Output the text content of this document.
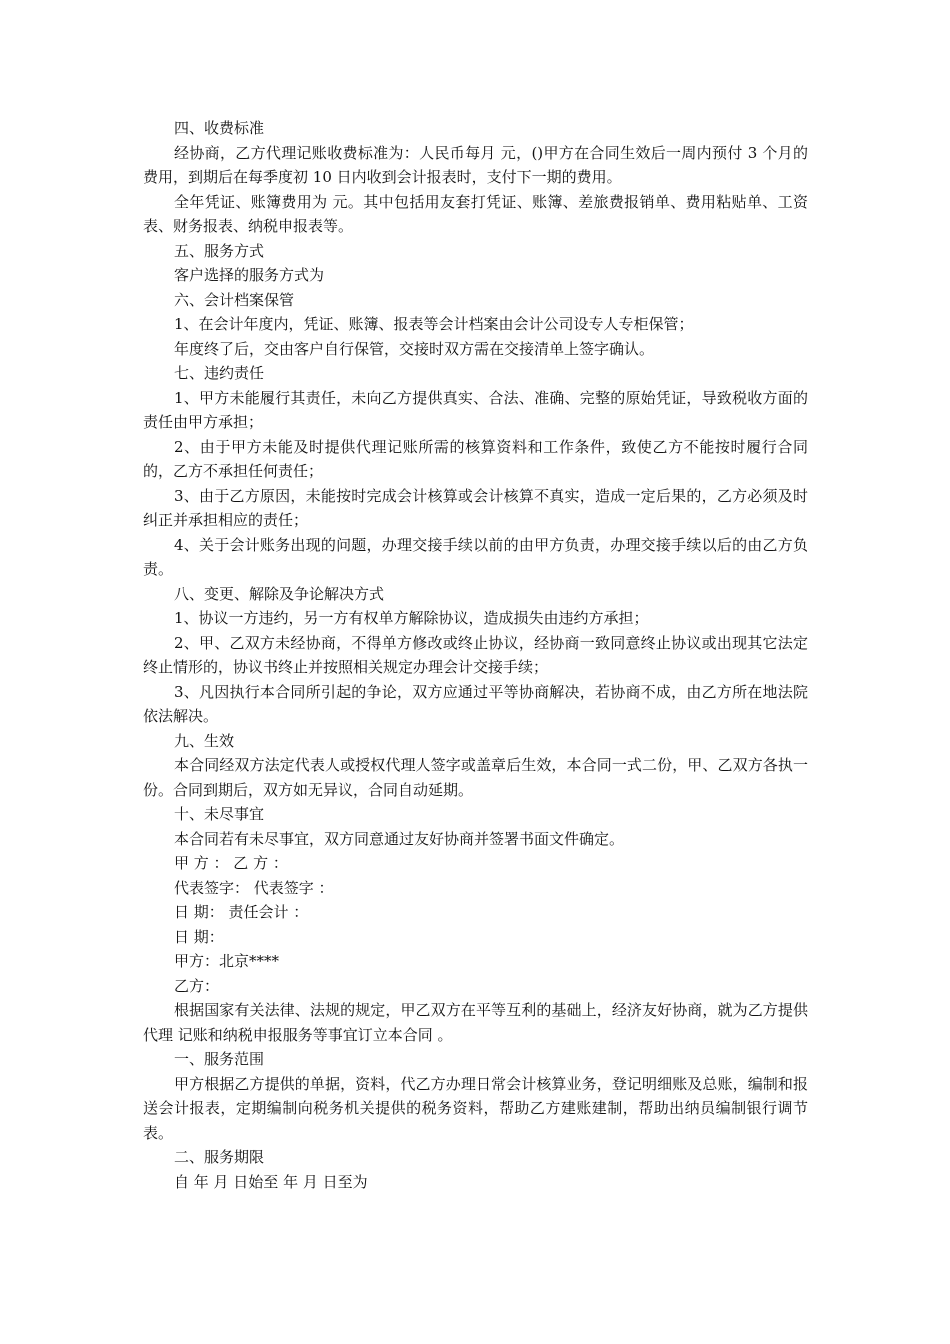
四、收费标准

经协商，乙方代理记账收费标准为：人民币每月 元，()甲方在合同生效后一周内预付 3 个月的费用，到期后在每季度初 10 日内收到会计报表时，支付下一期的费用。

全年凭证、账簿费用为 元。其中包括用友套打凭证、账簿、差旅费报销单、费用粘贴单、工资表、财务报表、纳税申报表等。

五、服务方式

客户选择的服务方式为

六、会计档案保管

1、在会计年度内，凭证、账簿、报表等会计档案由会计公司设专人专柜保管；

年度终了后，交由客户自行保管，交接时双方需在交接清单上签字确认。

七、违约责任

1、甲方未能履行其责任，未向乙方提供真实、合法、准确、完整的原始凭证，导致税收方面的责任由甲方承担；

2、由于甲方未能及时提供代理记账所需的核算资料和工作条件，致使乙方不能按时履行合同的，乙方不承担任何责任；

3、由于乙方原因，未能按时完成会计核算或会计核算不真实，造成一定后果的，乙方必须及时纠正并承担相应的责任；

4、关于会计账务出现的问题，办理交接手续以前的由甲方负责，办理交接手续以后的由乙方负责。

八、变更、解除及争论解决方式

1、协议一方违约，另一方有权单方解除协议，造成损失由违约方承担；

2、甲、乙双方未经协商，不得单方修改或终止协议，经协商一致同意终止协议或出现其它法定终止情形的，协议书终止并按照相关规定办理会计交接手续；

3、凡因执行本合同所引起的争论，双方应通过平等协商解决，若协商不成，由乙方所在地法院依法解决。

九、生效

本合同经双方法定代表人或授权代理人签字或盖章后生效，本合同一式二份，甲、乙双方各执一份。合同到期后，双方如无异议，合同自动延期。

十、未尽事宜

本合同若有未尽事宜，双方同意通过友好协商并签署书面文件确定。

甲 方 ： 乙 方 ：

代表签字： 代表签字 ：

日 期： 责任会计 ：

日 期：

甲方：北京****

乙方：

根据国家有关法律、法规的规定，甲乙双方在平等互利的基础上，经济友好协商，就为乙方提供代理 记账和纳税申报服务等事宜订立本合同 。

一、服务范围

甲方根据乙方提供的单据，资料，代乙方办理日常会计核算业务，登记明细账及总账，编制和报送会计报表，定期编制向税务机关提供的税务资料，帮助乙方建账建制，帮助出纳员编制银行调节表。

二、服务期限

自 年 月 日始至 年 月 日至为
